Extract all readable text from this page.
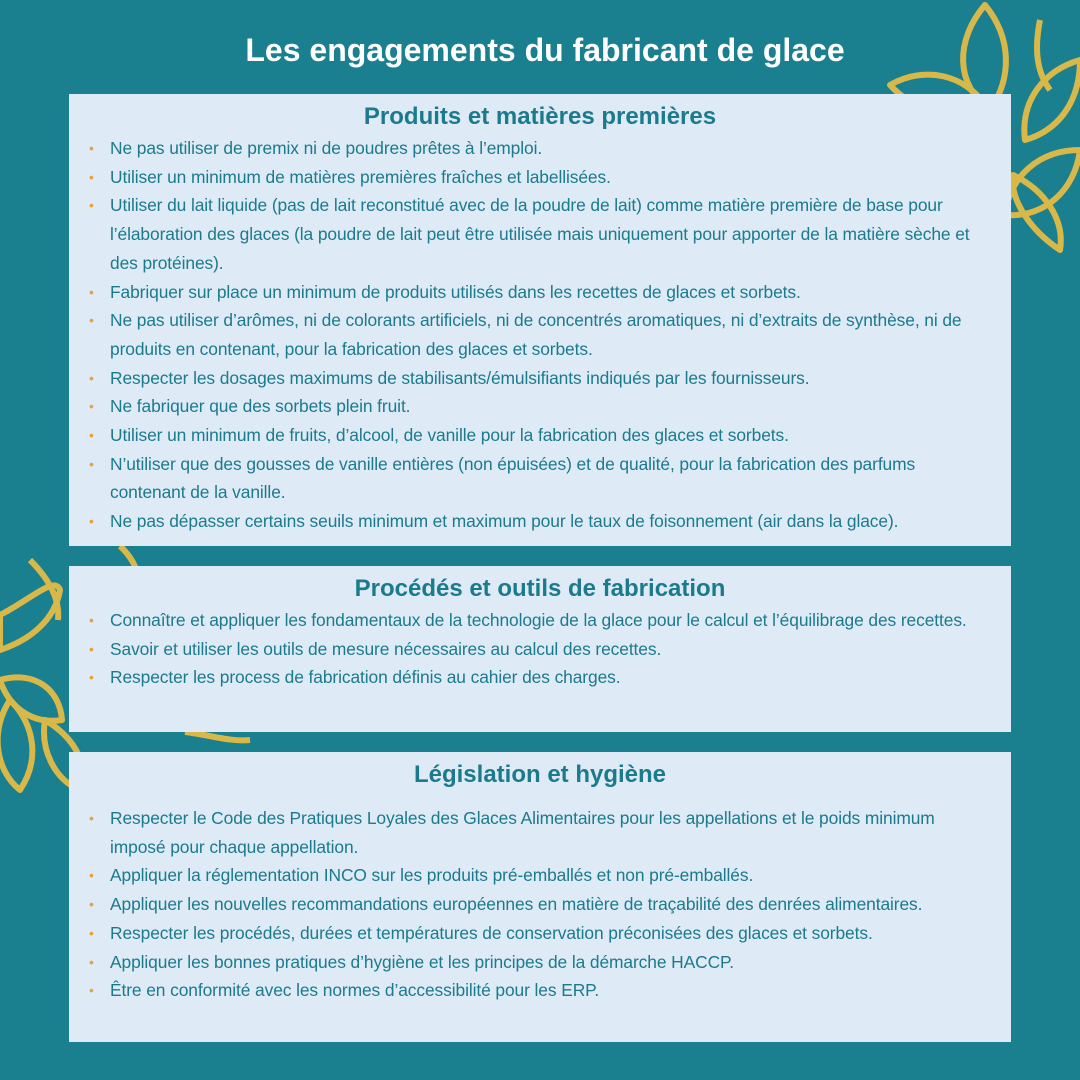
Les engagements du fabricant de glace
Produits et matières premières
• Ne pas utiliser de premix ni de poudres prêtes à l’emploi.
• Utiliser un minimum de matières premières fraîches et labellisées.
• Utiliser du lait liquide (pas de lait reconstitué avec de la poudre de lait) comme matière première de base pour l’élaboration des glaces (la poudre de lait peut être utilisée mais uniquement pour apporter de la matière sèche et des protéines).
• Fabriquer sur place un minimum de produits utilisés dans les recettes de glaces et sorbets.
• Ne pas utiliser d’arômes, ni de colorants artificiels, ni de concentrés aromatiques, ni d’extraits de synthèse, ni de produits en contenant, pour la fabrication des glaces et sorbets.
• Respecter les dosages maximums de stabilisants/émulsifiants indiqués par les fournisseurs.
• Ne fabriquer que des sorbets plein fruit.
• Utiliser un minimum de fruits, d’alcool, de vanille pour la fabrication des glaces et sorbets.
• N’utiliser que des gousses de vanille entières (non épuisées) et de qualité, pour la fabrication des parfums contenant de la vanille.
• Ne pas dépasser certains seuils minimum et maximum pour le taux de foisonnement (air dans la glace).
Procédés et outils de fabrication
• Connaître et appliquer les fondamentaux de la technologie de la glace pour le calcul et l’équilibrage des recettes.
• Savoir et utiliser les outils de mesure nécessaires au calcul des recettes.
• Respecter les process de fabrication définis au cahier des charges.
Législation et hygiène
• Respecter le Code des Pratiques Loyales des Glaces Alimentaires pour les appellations et le poids minimum imposé pour chaque appellation.
• Appliquer la réglementation INCO sur les produits pré-emballés et non pré-emballés.
• Appliquer les nouvelles recommandations européennes en matière de traçabilité des denrées alimentaires.
• Respecter les procédés, durées et températures de conservation préconisées des glaces et sorbets.
• Appliquer les bonnes pratiques d’hygiène et les principes de la démarche HACCP.
• Être en conformité avec les normes d’accessibilité pour les ERP.
